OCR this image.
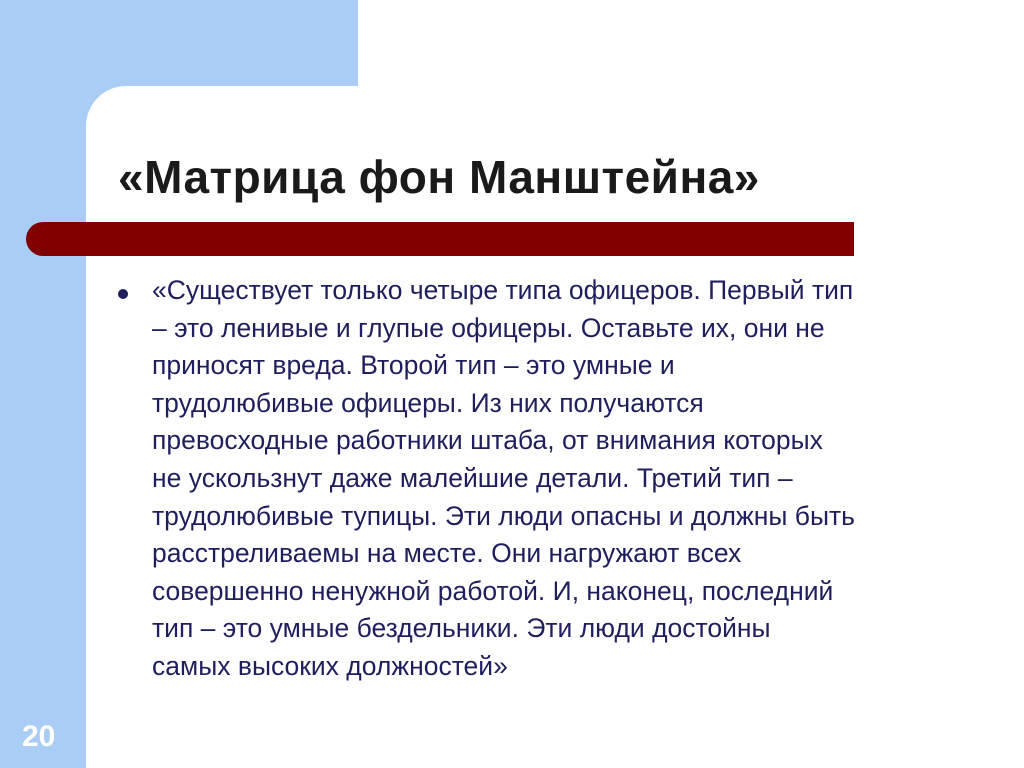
«Матрица фон Манштейна»

«Существует только четыре типа офицеров. Первый тип
– это ленивые и глупые офицеры. Оставьте их, они не
приносят вреда. Второй тип – это умные и
трудолюбивые офицеры. Из них получаются
превосходные работники штаба, от внимания которых
не ускользнут даже малейшие детали. Третий тип –
трудолюбивые тупицы. Эти люди опасны и должны быть
расстреливаемы на месте. Они нагружают всех
совершенно ненужной работой. И, наконец, последний
тип – это умные бездельники. Эти люди достойны
самых высоких должностей»

20
